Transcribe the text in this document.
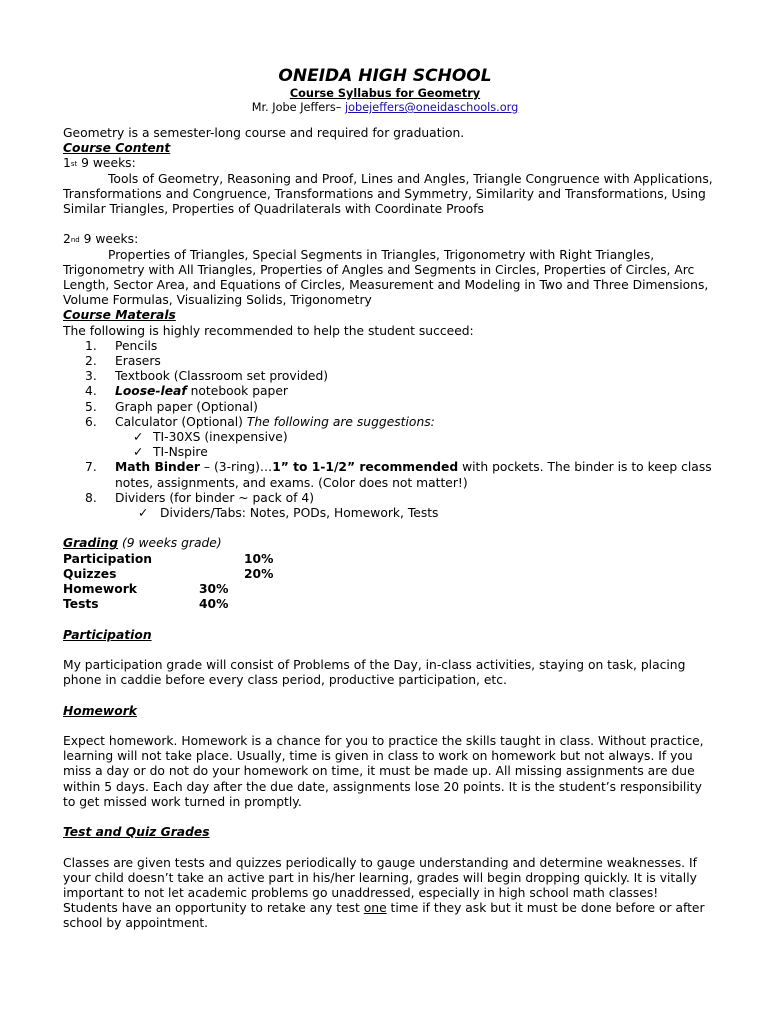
ONEIDA HIGH SCHOOL
Course Syllabus for Geometry
Mr. Jobe Jeffers– jobejeffers@oneidaschools.org
Geometry is a semester-long course and required for graduation.
Course Content
1st 9 weeks:
Tools of Geometry, Reasoning and Proof, Lines and Angles, Triangle Congruence with Applications, Transformations and Congruence, Transformations and Symmetry, Similarity and Transformations, Using Similar Triangles, Properties of Quadrilaterals with Coordinate Proofs
2nd 9 weeks:
Properties of Triangles, Special Segments in Triangles, Trigonometry with Right Triangles, Trigonometry with All Triangles, Properties of Angles and Segments in Circles, Properties of Circles, Arc Length, Sector Area, and Equations of Circles, Measurement and Modeling in Two and Three Dimensions, Volume Formulas, Visualizing Solids, Trigonometry
Course Materals
The following is highly recommended to help the student succeed:
1. Pencils
2. Erasers
3. Textbook (Classroom set provided)
4. Loose-leaf notebook paper
5. Graph paper (Optional)
6. Calculator (Optional) The following are suggestions:
✓ TI-30XS (inexpensive)
✓ TI-Nspire
7. Math Binder – (3-ring)…1” to 1-1/2” recommended with pockets. The binder is to keep class notes, assignments, and exams. (Color does not matter!)
8. Dividers (for binder ~ pack of 4)
✓ Dividers/Tabs: Notes, PODs, Homework, Tests
Grading (9 weeks grade)
Participation	10%
Quizzes	20%
Homework	30%
Tests	40%
Participation
My participation grade will consist of Problems of the Day, in-class activities, staying on task, placing phone in caddie before every class period, productive participation, etc.
Homework
Expect homework. Homework is a chance for you to practice the skills taught in class. Without practice, learning will not take place. Usually, time is given in class to work on homework but not always. If you miss a day or do not do your homework on time, it must be made up. All missing assignments are due within 5 days. Each day after the due date, assignments lose 20 points. It is the student’s responsibility to get missed work turned in promptly.
Test and Quiz Grades
Classes are given tests and quizzes periodically to gauge understanding and determine weaknesses. If your child doesn’t take an active part in his/her learning, grades will begin dropping quickly. It is vitally important to not let academic problems go unaddressed, especially in high school math classes! Students have an opportunity to retake any test one time if they ask but it must be done before or after school by appointment.
